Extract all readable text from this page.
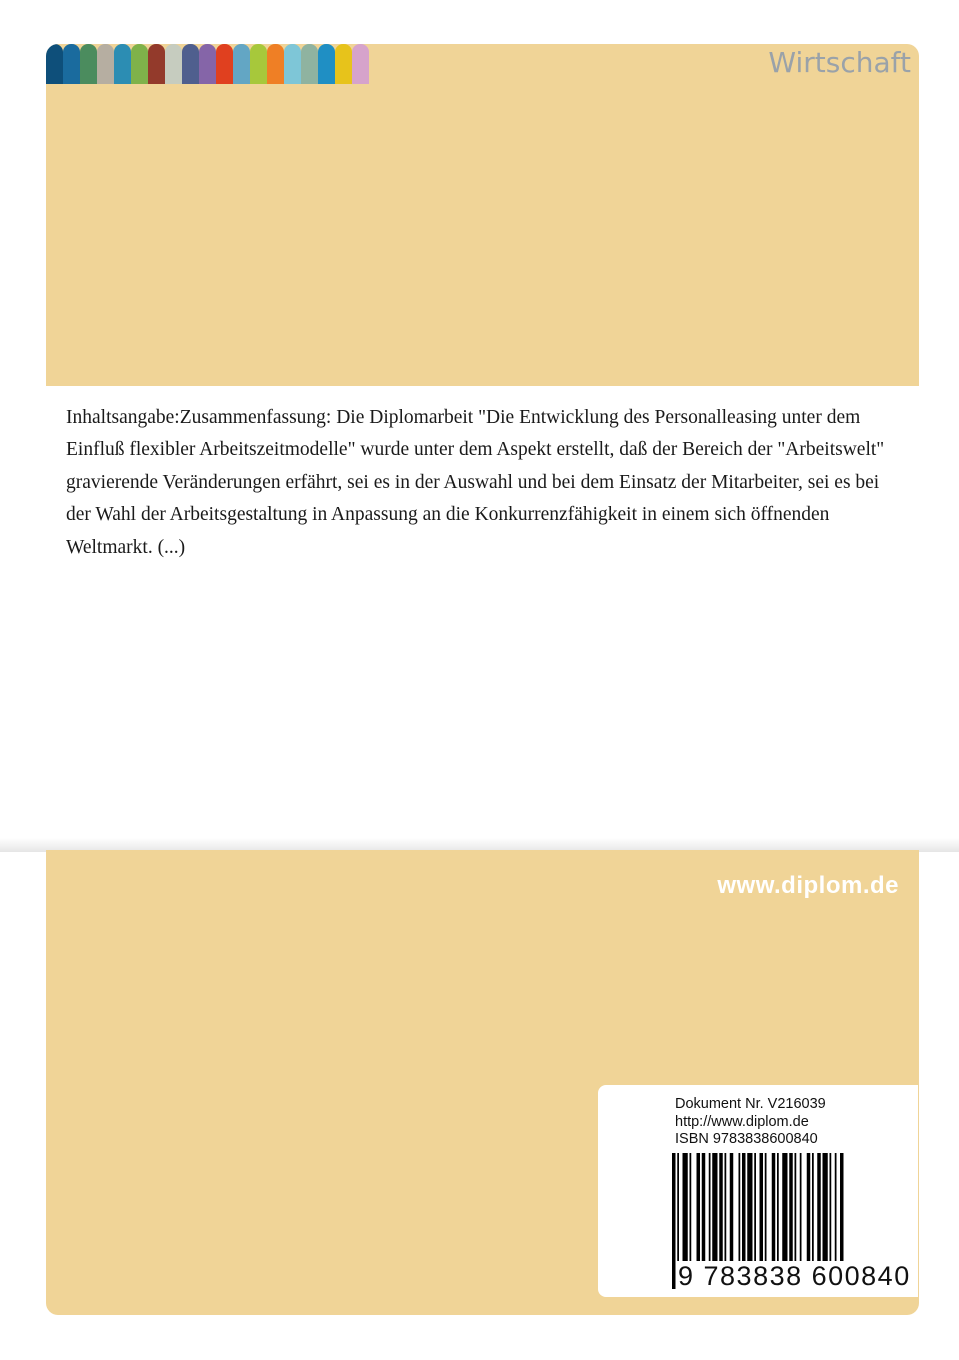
Wirtschaft

Inhaltsangabe:Zusammenfassung: Die Diplomarbeit "Die Entwicklung des Personalleasing unter dem Einfluß flexibler Arbeitszeitmodelle" wurde unter dem Aspekt erstellt, daß der Bereich der "Arbeitswelt" gravierende Veränderungen erfährt, sei es in der Auswahl und bei dem Einsatz der Mitarbeiter, sei es bei der Wahl der Arbeitsgestaltung in Anpassung an die Konkurrenzfähigkeit in einem sich öffnenden Weltmarkt. (...)

www.diplom.de

Dokument Nr. V216039
http://www.diplom.de
ISBN 9783838600840

9 783838 600840
